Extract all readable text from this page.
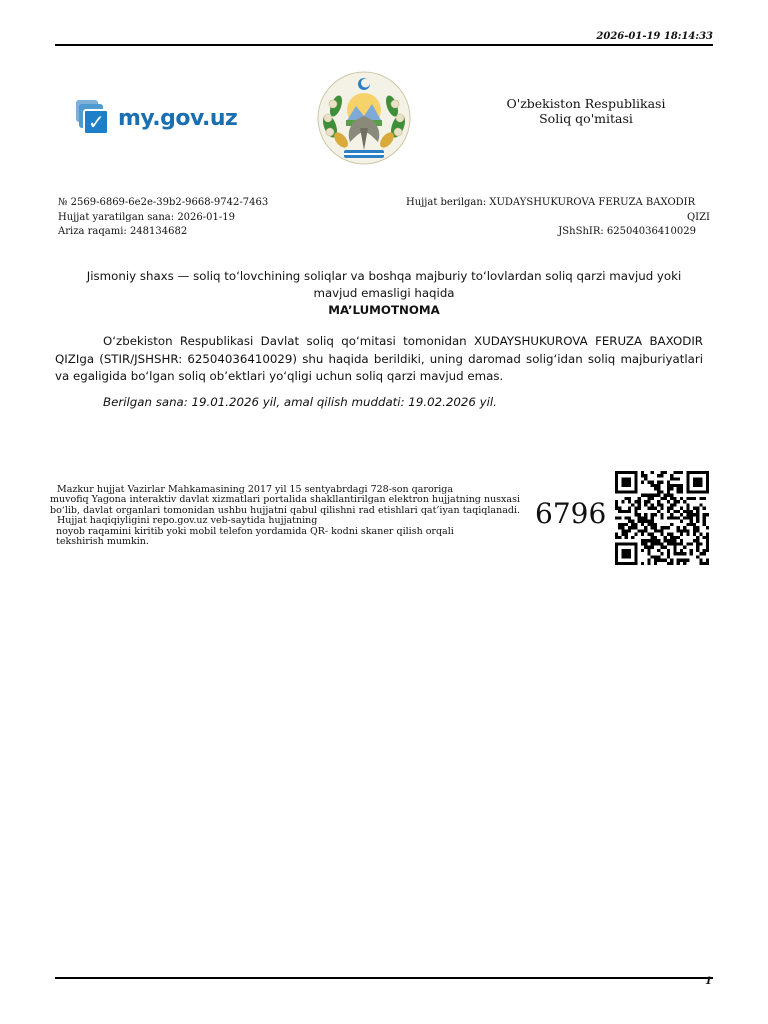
2026-01-19 18:14:33
✓ my.gov.uz
O'zbekiston Respublikasi
Soliq qo'mitasi
№ 2569-6869-6e2e-39b2-9668-9742-7463
Hujjat yaratilgan sana: 2026-01-19
Ariza raqami: 248134682
Hujjat berilgan: XUDAYSHUKUROVA FERUZA BAXODIR
QIZI
JShShIR: 62504036410029
Jismoniy shaxs — soliq to‘lovchining soliqlar va boshqa majburiy to‘lovlardan soliq qarzi mavjud yoki
mavjud emasligi haqida
MA’LUMOTNOMA
O‘zbekiston Respublikasi Davlat soliq qo‘mitasi tomonidan XUDAYSHUKUROVA FERUZA BAXODIR QIZIga (STIR/JSHSHR: 62504036410029) shu haqida berildiki, uning daromad solig‘idan soliq majburiyatlari va egaligida bo‘lgan soliq ob’ektlari yo‘qligi uchun soliq qarzi mavjud emas.
Berilgan sana: 19.01.2026 yil, amal qilish muddati: 19.02.2026 yil.
Mazkur hujjat Vazirlar Mahkamasining 2017 yil 15 sentyabrdagi 728-son qaroriga
muvofiq Yagona interaktiv davlat xizmatlari portalida shakllantirilgan elektron hujjatning nusxasi
bo‘lib, davlat organlari tomonidan ushbu hujjatni qabul qilishni rad etishlari qat’iyan taqiqlanadi.
Hujjat haqiqiyligini repo.gov.uz veb-saytida hujjatning
noyob raqamini kiritib yoki mobil telefon yordamida QR- kodni skaner qilish orqali
tekshirish mumkin.
6796
1
